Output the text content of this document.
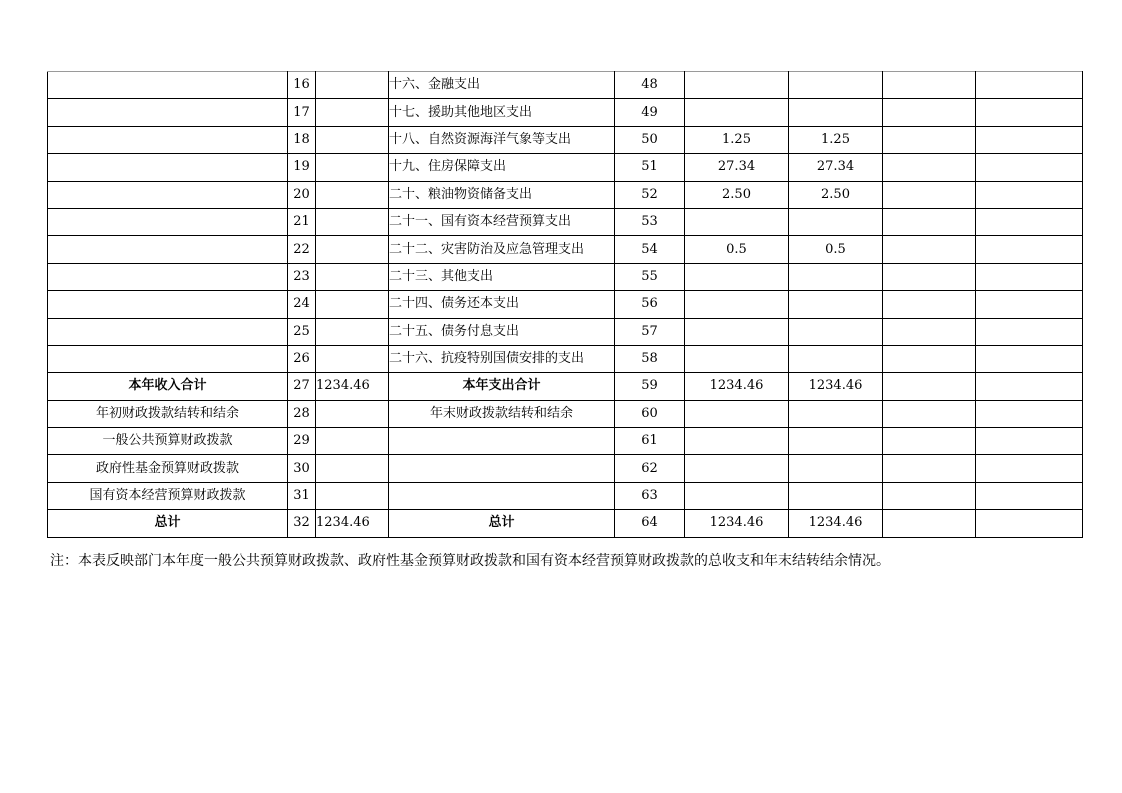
	16		十六、金融支出	48				
	17		十七、援助其他地区支出	49				
	18		十八、自然资源海洋气象等支出	50	1.25	1.25		
	19		十九、住房保障支出	51	27.34	27.34		
	20		二十、粮油物资储备支出	52	2.50	2.50		
	21		二十一、国有资本经营预算支出	53				
	22		二十二、灾害防治及应急管理支出	54	0.5	0.5		
	23		二十三、其他支出	55				
	24		二十四、债务还本支出	56				
	25		二十五、债务付息支出	57				
	26		二十六、抗疫特别国债安排的支出	58				
本年收入合计	27	1234.46	本年支出合计	59	1234.46	1234.46		
年初财政拨款结转和结余	28		年末财政拨款结转和结余	60				
一般公共预算财政拨款	29			61				
政府性基金预算财政拨款	30			62				
国有资本经营预算财政拨款	31			63				
总计	32	1234.46	总计	64	1234.46	1234.46		
注：本表反映部门本年度一般公共预算财政拨款、政府性基金预算财政拨款和国有资本经营预算财政拨款的总收支和年末结转结余情况。
